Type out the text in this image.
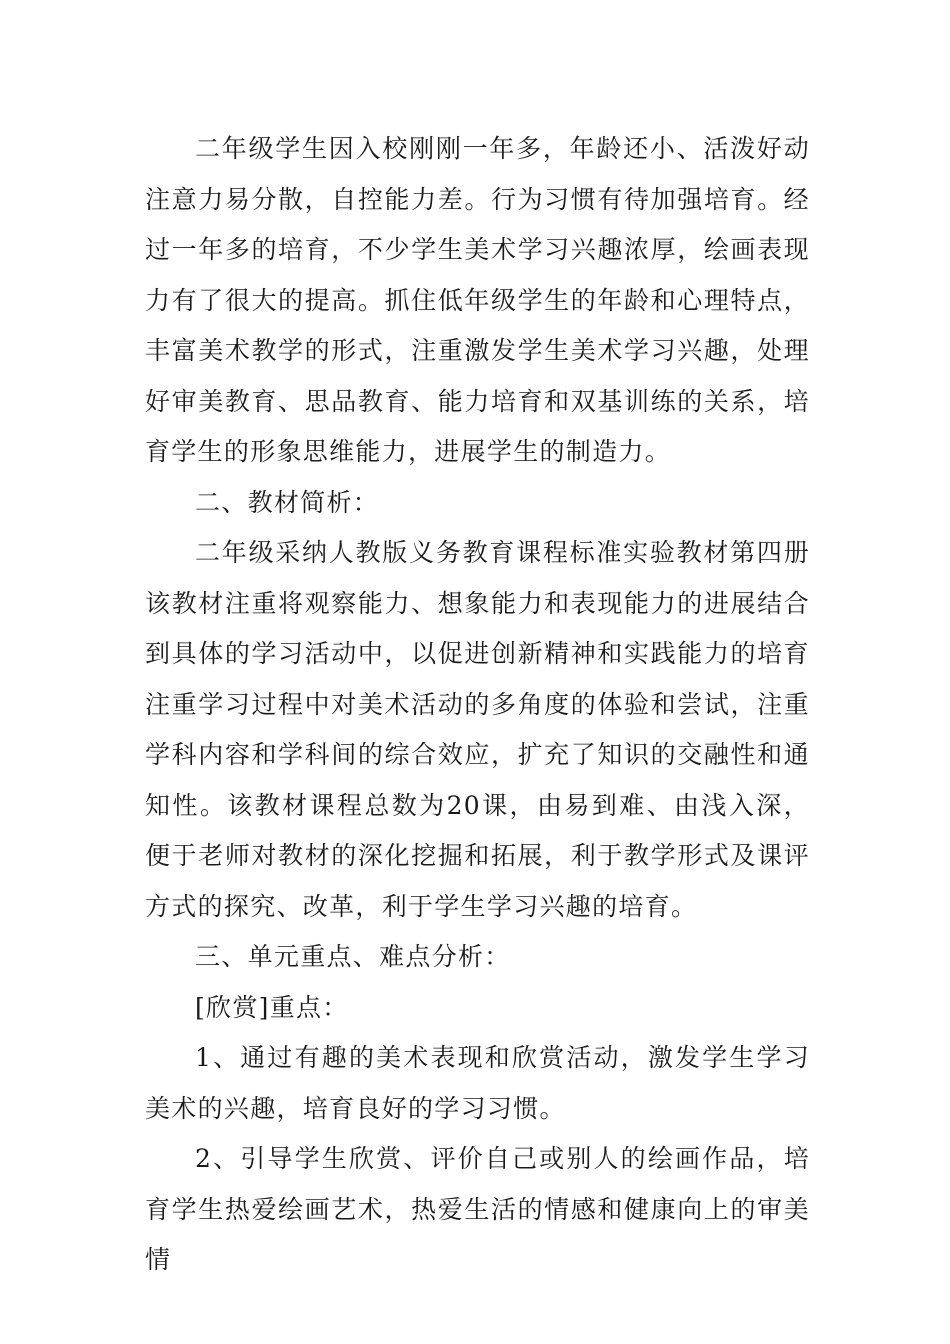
二年级学生因入校刚刚一年多，年龄还小、活泼好动注意力易分散，自控能力差。行为习惯有待加强培育。经过一年多的培育，不少学生美术学习兴趣浓厚，绘画表现力有了很大的提高。抓住低年级学生的年龄和心理特点，丰富美术教学的形式，注重激发学生美术学习兴趣，处理好审美教育、思品教育、能力培育和双基训练的关系，培育学生的形象思维能力，进展学生的制造力。

二、教材简析：

二年级采纳人教版义务教育课程标准实验教材第四册该教材注重将观察能力、想象能力和表现能力的进展结合到具体的学习活动中，以促进创新精神和实践能力的培育注重学习过程中对美术活动的多角度的体验和尝试，注重学科内容和学科间的综合效应，扩充了知识的交融性和通知性。该教材课程总数为20课，由易到难、由浅入深，便于老师对教材的深化挖掘和拓展，利于教学形式及课评方式的探究、改革，利于学生学习兴趣的培育。

三、单元重点、难点分析：

[欣赏]重点：

1、通过有趣的美术表现和欣赏活动，激发学生学习美术的兴趣，培育良好的学习习惯。

2、引导学生欣赏、评价自己或别人的绘画作品，培育学生热爱绘画艺术，热爱生活的情感和健康向上的审美情
